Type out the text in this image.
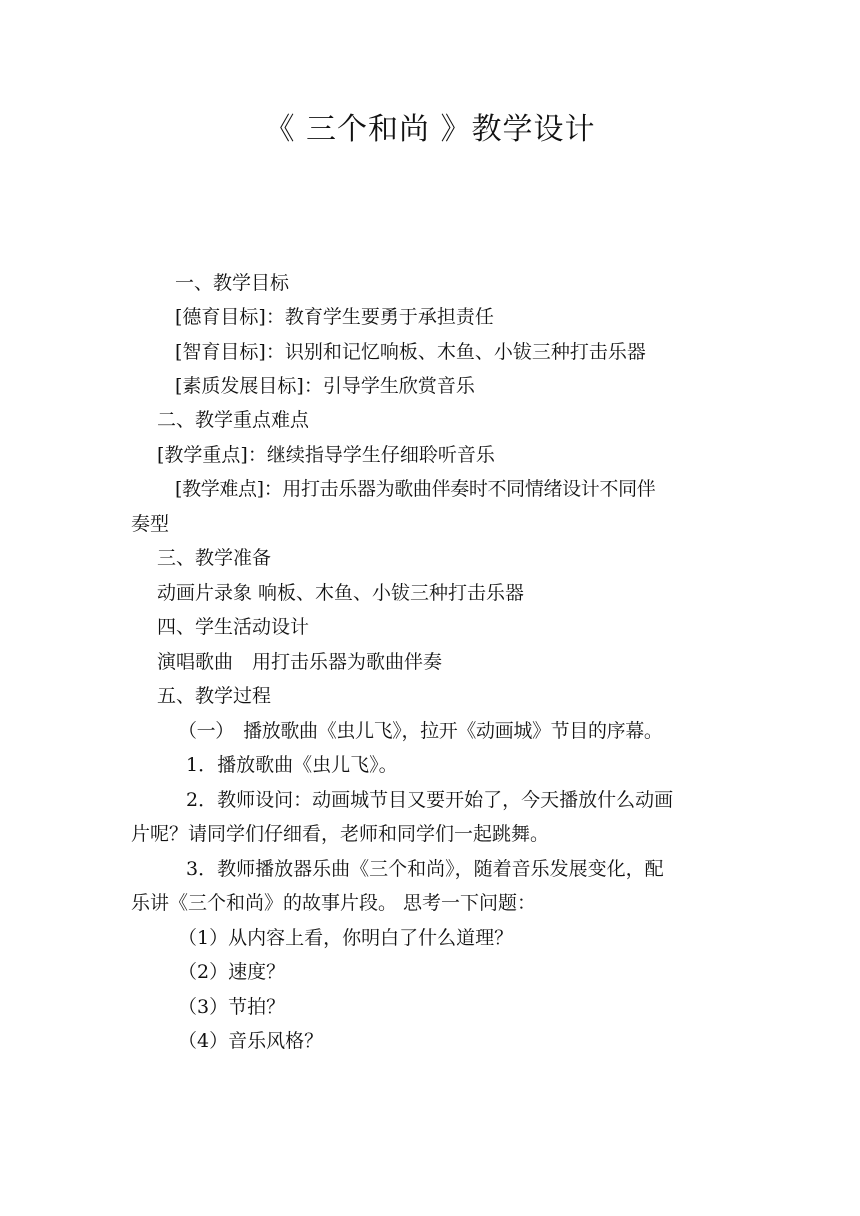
《 三个和尚 》教学设计
一、教学目标
[德育目标]：教育学生要勇于承担责任
[智育目标]：识别和记忆响板、木鱼、小钹三种打击乐器
[素质发展目标]：引导学生欣赏音乐
二、教学重点难点
[教学重点]：继续指导学生仔细聆听音乐
[教学难点]：用打击乐器为歌曲伴奏时不同情绪设计不同伴
奏型
三、教学准备
动画片录象 响板、木鱼、小钹三种打击乐器
四、学生活动设计
演唱歌曲　用打击乐器为歌曲伴奏
五、教学过程
（一）　播放歌曲《虫儿飞》，拉开《动画城》节目的序幕。
1．播放歌曲《虫儿飞》。
2．教师设问：动画城节目又要开始了，今天播放什么动画
片呢？请同学们仔细看，老师和同学们一起跳舞。
3．教师播放器乐曲《三个和尚》，随着音乐发展变化，配
乐讲《三个和尚》的故事片段。 思考一下问题：
（1）从内容上看，你明白了什么道理？
（2）速度？
（3）节拍？
（4）音乐风格？
